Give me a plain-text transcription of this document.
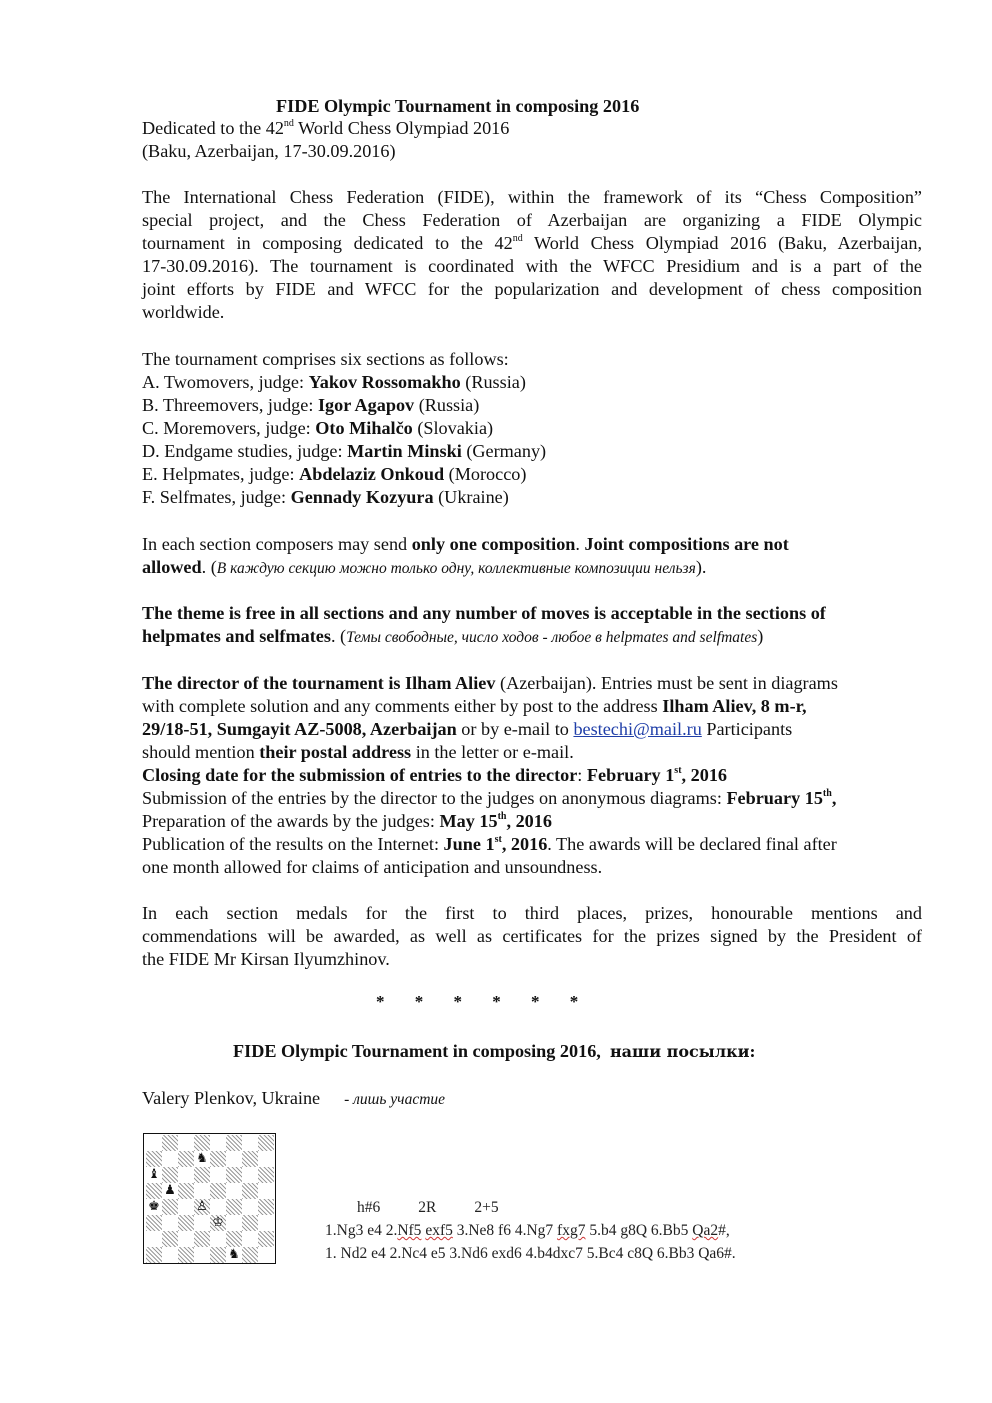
FIDE Olympic Tournament in composing 2016
Dedicated to the 42nd World Chess Olympiad 2016
(Baku, Azerbaijan, 17-30.09.2016)
The International Chess Federation (FIDE), within the framework of its “Chess Composition”
special project, and the Chess Federation of Azerbaijan are organizing a FIDE Olympic
tournament in composing dedicated to the 42nd World Chess Olympiad 2016 (Baku, Azerbaijan,
17-30.09.2016). The tournament is coordinated with the WFCC Presidium and is a part of the
joint efforts by FIDE and WFCC for the popularization and development of chess composition
worldwide.
The tournament comprises six sections as follows:
A. Twomovers, judge: Yakov Rossomakho (Russia)
B. Threemovers, judge: Igor Agapov (Russia)
C. Moremovers, judge: Oto Mihalčo (Slovakia)
D. Endgame studies, judge: Martin Minski (Germany)
E. Helpmates, judge: Abdelaziz Onkoud (Morocco)
F. Selfmates, judge: Gennady Kozyura (Ukraine)
In each section composers may send only one composition. Joint compositions are not
allowed. (В каждую секцию можно только одну, коллективные композиции нельзя).
The theme is free in all sections and any number of moves is acceptable in the sections of
helpmates and selfmates. (Темы свободные, число ходов - любое в helpmates and selfmates)
The director of the tournament is Ilham Aliev (Azerbaijan). Entries must be sent in diagrams
with complete solution and any comments either by post to the address Ilham Aliev, 8 m-r,
29/18-51, Sumgayit AZ-5008, Azerbaijan or by e-mail to bestechi@mail.ru Participants
should mention their postal address in the letter or e-mail.
Closing date for the submission of entries to the director: February 1st, 2016
Submission of the entries by the director to the judges on anonymous diagrams: February 15th,
Preparation of the awards by the judges: May 15th, 2016
Publication of the results on the Internet: June 1st, 2016. The awards will be declared final after
one month allowed for claims of anticipation and unsoundness.
In each section medals for the first to third places, prizes, honourable mentions and
commendations will be awarded, as well as certificates for the prizes signed by the President of
the FIDE Mr Kirsan Ilyumzhinov.
* * * * * *
FIDE Olympic Tournament in composing 2016, наши посылки:
Valery Plenkov, Ukraine - лишь участие
♞
♝
♟
♚	♙
♔
♞
h#6 2R 2+5
1.Ng3 e4 2.Nf5 exf5 3.Ne8 f6 4.Ng7 fxg7 5.b4 g8Q 6.Bb5 Qa2#,
1. Nd2 e4 2.Nc4 e5 3.Nd6 exd6 4.b4dxc7 5.Bc4 c8Q 6.Bb3 Qa6#.
